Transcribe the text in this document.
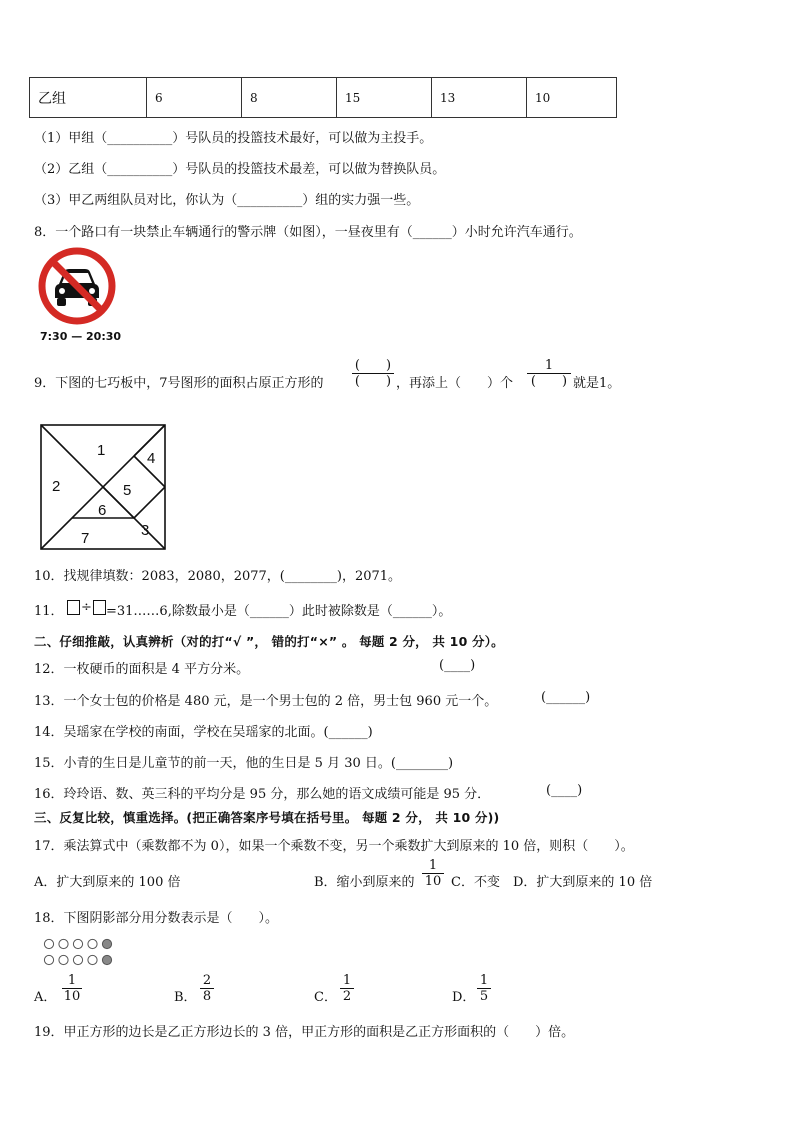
乙组	6	8	15	13	10
（1）甲组（__________）号队员的投篮技术最好，可以做为主投手。
（2）乙组（__________）号队员的投篮技术最差，可以做为替换队员。
（3）甲乙两组队员对比，你认为（__________）组的实力强一些。
8．一个路口有一块禁止车辆通行的警示牌（如图），一昼夜里有（______）小时允许汽车通行。
7:30 — 20:30
9．下图的七巧板中，7号图形的面积占原正方形的
(　　)
(　　) ，再添上（　　）个
1
(　　) 就是1。
1
2
4
5
6
3
7
10．找规律填数：2083，2080，2077，(________)，2071。
11． ÷ =31……6,除数最小是（______）此时被除数是（______）。
二、仔细推敲，认真辨析（对的打“√ ”， 错的打“×” 。 每题 2 分， 共 10 分）。
12．一枚硬币的面积是 4 平方分米。	(____)
13．一个女士包的价格是 480 元，是一个男士包的 2 倍，男士包 960 元一个。	(______)
14．吴瑶家在学校的南面，学校在吴瑶家的北面。(______)
15．小青的生日是儿童节的前一天，他的生日是 5 月 30 日。(________)
16．玲玲语、数、英三科的平均分是 95 分，那么她的语文成绩可能是 95 分．	(____)
三、反复比较，慎重选择。(把正确答案序号填在括号里。 每题 2 分， 共 10 分))
17．乘法算式中（乘数都不为 0），如果一个乘数不变，另一个乘数扩大到原来的 10 倍，则积（　　）。
A．扩大到原来的 100 倍	B．缩小到原来的
1
10 C．不变 D．扩大到原来的 10 倍
18．下图阴影部分用分数表示是（　　）。
A．
1
10	B．
2
8	C．
1
2	D．
1
5
19．甲正方形的边长是乙正方形边长的 3 倍，甲正方形的面积是乙正方形面积的（　　）倍。
